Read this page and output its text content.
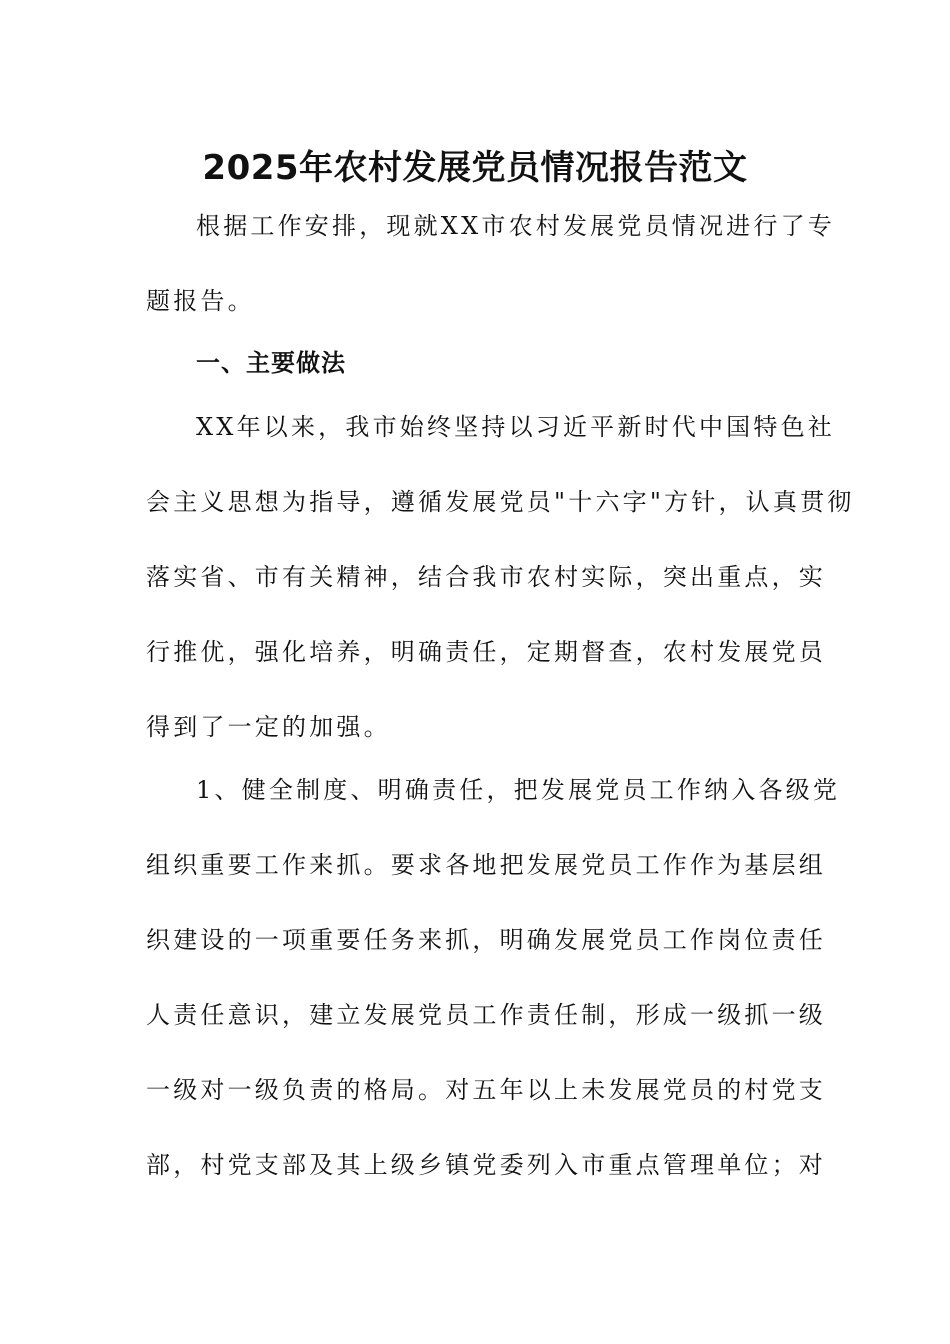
2025年农村发展党员情况报告范文

根据工作安排，现就XX市农村发展党员情况进行了专

题报告。

一、主要做法

XX年以来，我市始终坚持以习近平新时代中国特色社

会主义思想为指导，遵循发展党员"十六字"方针，认真贯彻

落实省、市有关精神，结合我市农村实际，突出重点，实

行推优，强化培养，明确责任，定期督查，农村发展党员

得到了一定的加强。

1、健全制度、明确责任，把发展党员工作纳入各级党

组织重要工作来抓。要求各地把发展党员工作作为基层组

织建设的一项重要任务来抓，明确发展党员工作岗位责任

人责任意识，建立发展党员工作责任制，形成一级抓一级

一级对一级负责的格局。对五年以上未发展党员的村党支

部，村党支部及其上级乡镇党委列入市重点管理单位；对
